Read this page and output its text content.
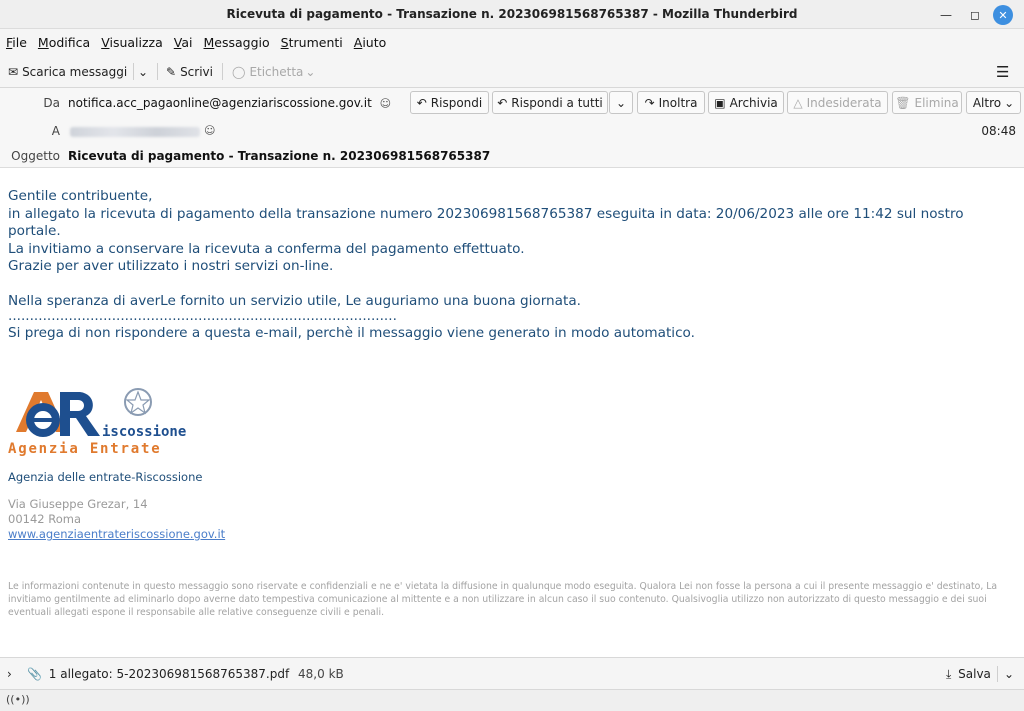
Ricevuta di pagamento - Transazione n. 202306981568765387 - Mozilla Thunderbird	—	◻	✕
File Modifica Visualizza Vai Messaggio Strumenti Aiuto
✉ Scarica messaggi ⌄ ✎ Scrivi ◯ Etichetta ⌄	☰
Da notifica.acc_pagaonline@agenziariscossione.gov.it ☺
A	☺
Oggetto Ricevuta di pagamento - Transazione n. 202306981568765387
↶ Rispondi ↶ Rispondi a tutti ⌄ ↷ Inoltra ▣ Archivia △ Indesiderata 🗑 Elimina Altro ⌄
08:48

Gentile contribuente,

in allegato la ricevuta di pagamento della transazione numero 202306981568765387 eseguita in data: 20/06/2023 alle ore 11:42 sul nostro portale.

La invitiamo a conservare la ricevuta a conferma del pagamento effettuato.

Grazie per aver utilizzato i nostri servizi on-line.

Nella speranza di averLe fornito un servizio utile, Le auguriamo una buona giornata.

..........................................................................................

Si prega di non rispondere a questa e-mail, perchè il messaggio viene generato in modo automatico.

iscossione
Agenzia Entrate
Agenzia delle entrate-Riscossione
Via Giuseppe Grezar, 14
00142 Roma
www.agenziaentrateriscossione.gov.it
Le informazioni contenute in questo messaggio sono riservate e confidenziali e ne e' vietata la diffusione in qualunque modo eseguita. Qualora Lei non fosse la persona a cui il presente messaggio e' destinato, La invitiamo gentilmente ad eliminarlo dopo averne dato tempestiva comunicazione al mittente e a non utilizzare in alcun caso il suo contenuto. Qualsivoglia utilizzo non autorizzato di questo messaggio e dei suoi eventuali allegati espone il responsabile alle relative conseguenze civili e penali.
› 📎 1 allegato: 5-202306981568765387.pdf 48,0 kB	⤓ Salva ⌄
((•))
